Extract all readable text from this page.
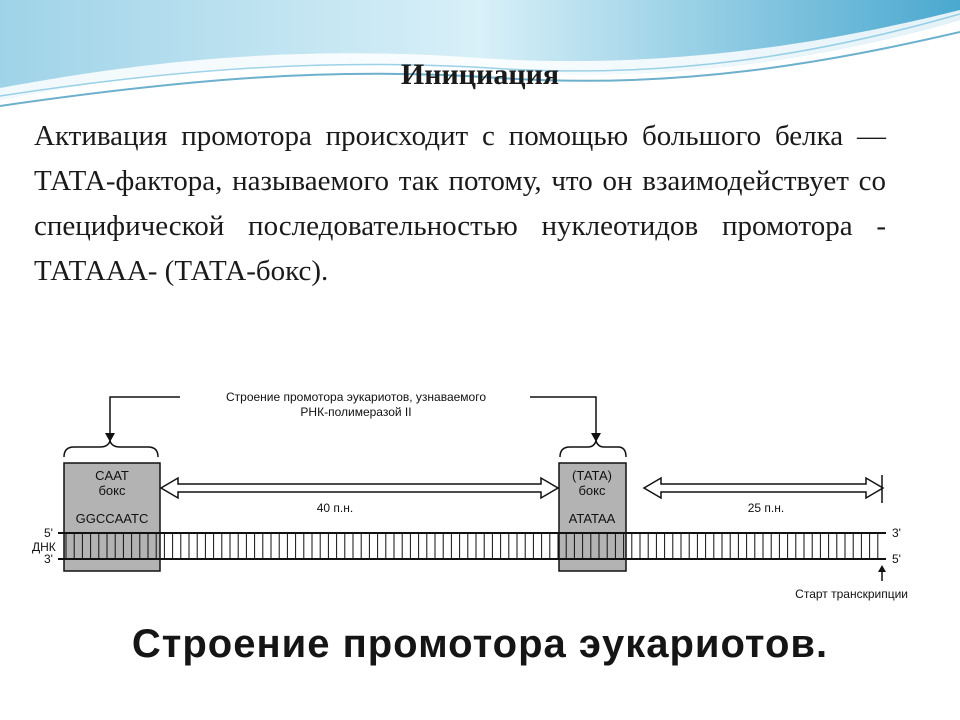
Инициация
Активация промотора происходит с помощью большого белка — ТАТА-фактора, называемого так потому, что он взаимодействует со специфической последовательностью нуклеотидов промотора - ТАТААА- (ТАТА-бокс).
Строение промотора эукариотов, узнаваемого
РНК-полимеразой II
CAAT
бокс
GGCCAATC
(ТАТА)
бокс
ATATAA
40 п.н.	25 п.н.
ДНК
5'
3'
3'
5'
Старт транскрипции
Строение промотора эукариотов.
